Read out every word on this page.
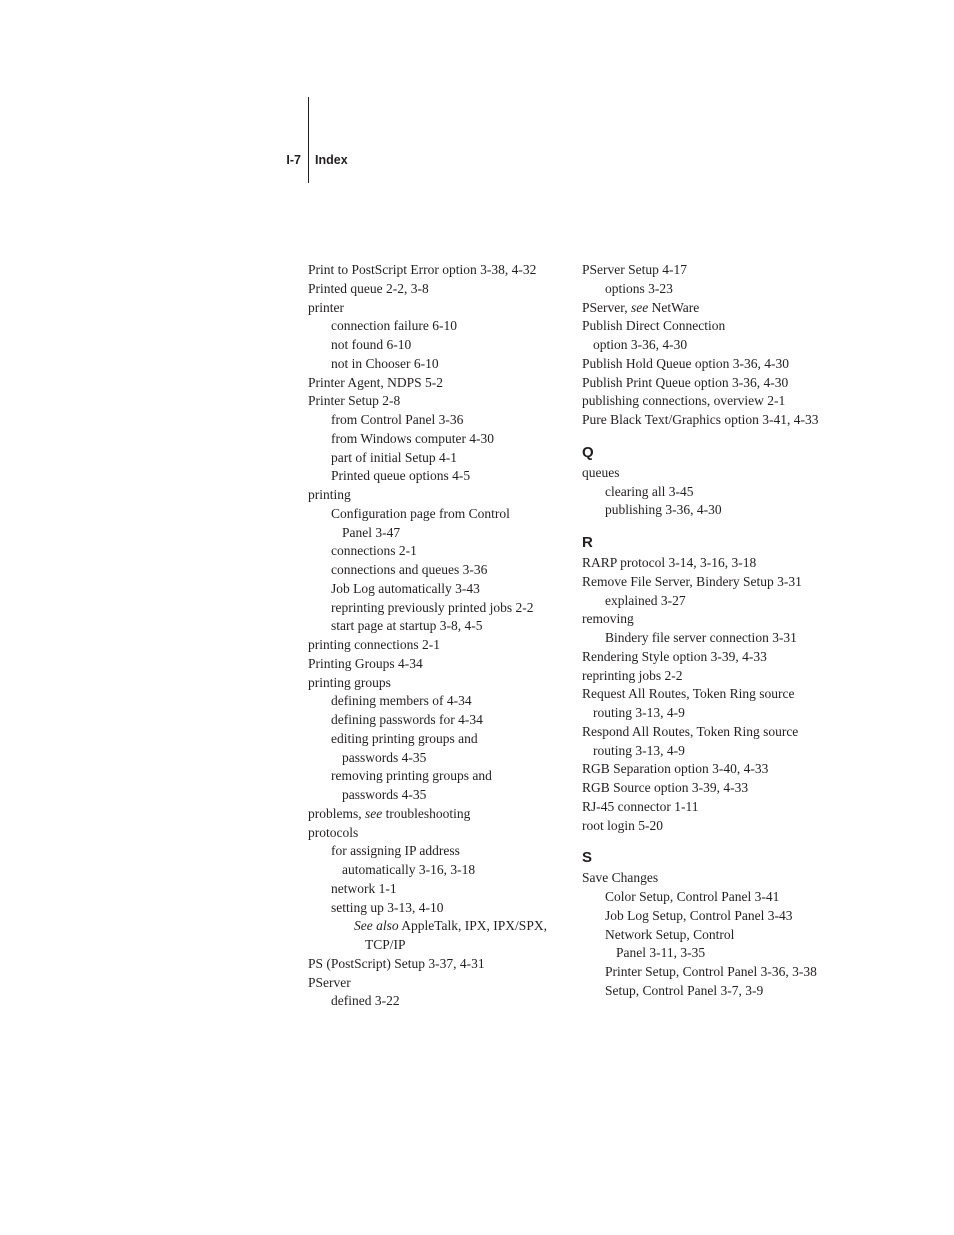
I-7 Index
Print to PostScript Error option 3-38, 4-32
Printed queue 2-2, 3-8
printer
connection failure 6-10
not found 6-10
not in Chooser 6-10
Printer Agent, NDPS 5-2
Printer Setup 2-8
from Control Panel 3-36
from Windows computer 4-30
part of initial Setup 4-1
Printed queue options 4-5
printing
Configuration page from Control
Panel 3-47
connections 2-1
connections and queues 3-36
Job Log automatically 3-43
reprinting previously printed jobs 2-2
start page at startup 3-8, 4-5
printing connections 2-1
Printing Groups 4-34
printing groups
defining members of 4-34
defining passwords for 4-34
editing printing groups and
passwords 4-35
removing printing groups and
passwords 4-35
problems, see troubleshooting
protocols
for assigning IP address
automatically 3-16, 3-18
network 1-1
setting up 3-13, 4-10
See also AppleTalk, IPX, IPX/SPX,
TCP/IP
PS (PostScript) Setup 3-37, 4-31
PServer
defined 3-22
PServer Setup 4-17
options 3-23
PServer, see NetWare
Publish Direct Connection
option 3-36, 4-30
Publish Hold Queue option 3-36, 4-30
Publish Print Queue option 3-36, 4-30
publishing connections, overview 2-1
Pure Black Text/Graphics option 3-41, 4-33
Q
queues
clearing all 3-45
publishing 3-36, 4-30
R
RARP protocol 3-14, 3-16, 3-18
Remove File Server, Bindery Setup 3-31
explained 3-27
removing
Bindery file server connection 3-31
Rendering Style option 3-39, 4-33
reprinting jobs 2-2
Request All Routes, Token Ring source
routing 3-13, 4-9
Respond All Routes, Token Ring source
routing 3-13, 4-9
RGB Separation option 3-40, 4-33
RGB Source option 3-39, 4-33
RJ-45 connector 1-11
root login 5-20
S
Save Changes
Color Setup, Control Panel 3-41
Job Log Setup, Control Panel 3-43
Network Setup, Control
Panel 3-11, 3-35
Printer Setup, Control Panel 3-36, 3-38
Setup, Control Panel 3-7, 3-9
